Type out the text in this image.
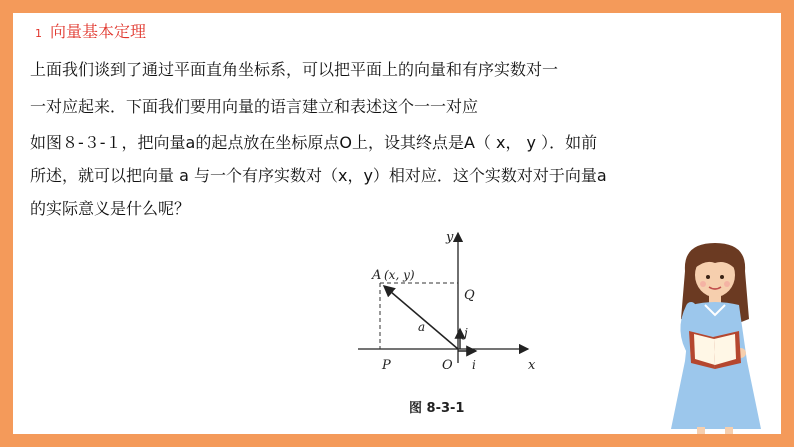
1 向量基本定理
上面我们谈到了通过平面直角坐标系，可以把平面上的向量和有序实数对一
一对应起来．下面我们要用向量的语言建立和表述这个一一对应
如图８-３-１，把向量a的起点放在坐标原点O上，设其终点是A（ x， y ）．如前
所述，就可以把向量 a 与一个有序实数对（x，y）相对应．这个实数对对于向量a
的实际意义是什么呢？
y
x
A (x, y)
Q
P	O
a	j
i
图 8-3-1
